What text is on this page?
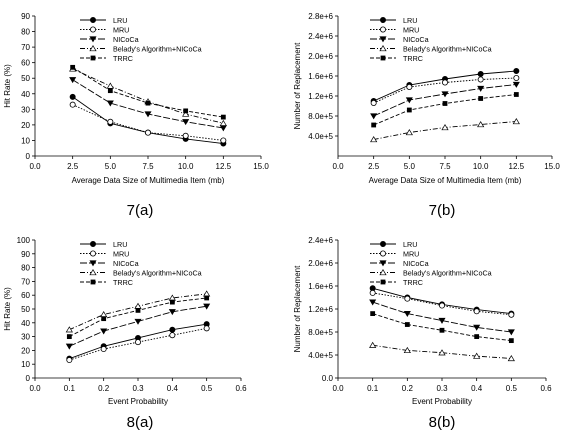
0.0	2.5	5.0	7.5	10.0	12.5	15.0
0
10
20
30
40
50
60
70
80
90
Average Data Size of Multimedia Item (mb)
Hit Rate (%)
LRU
MRU
NICoCa
Belady's Algorithm+NICoCa
TRRC
7(a)
0.0	2.5	5.0	7.5	10.0	12.5	15.0
4.0e+5
8.0e+5
1.2e+6
1.6e+6
2.0e+6
2.4e+6
2.8e+6
Average Data Size of Multimedia Item (mb)
Number of Replacement
LRU
MRU
NICoCa
Belady's Algorithm+NICoCa
TRRC
7(b)
0.0	0.1	0.2	0.3	0.4	0.5	0.6
0
10
20
30
40
50
60
70
80
90
100
Event Probability
Hit Rate (%)
LRU
MRU
NICoCa
Belady's Algorithm+NICoCa
TRRC
8(a)
0.0	0.1	0.2	0.3	0.4	0.5	0.6
0.0
4.0e+5
8.0e+5
1.2e+6
1.6e+6
2.0e+6
2.4e+6
Event Probability
Number of Replacement
LRU
MRU
NICoCa
Belady's Algorithm+NICoCa
TRRC
8(b)
